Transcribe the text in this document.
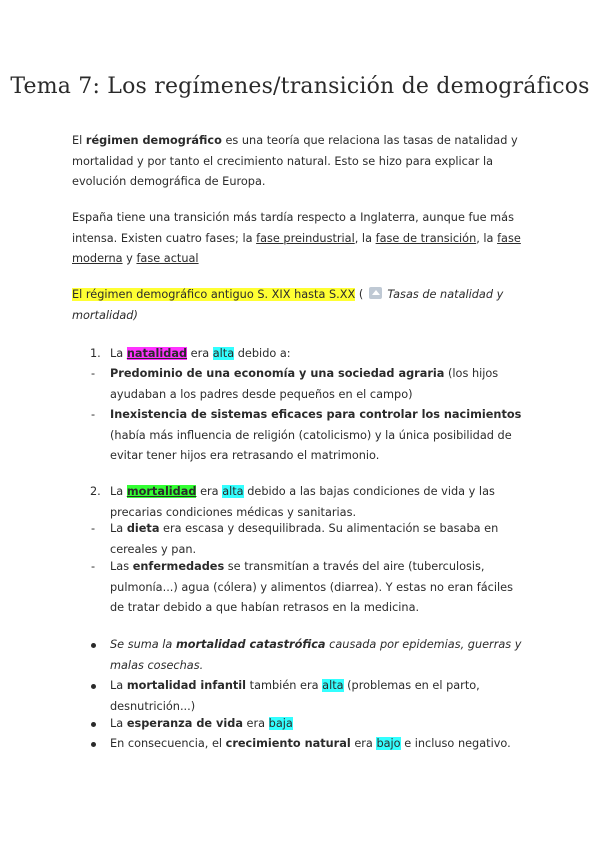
Tema 7: Los regímenes/transición de demográficos
El régimen demográfico es una teoría que relaciona las tasas de natalidad y mortalidad y por tanto el crecimiento natural. Esto se hizo para explicar la evolución demográfica de Europa.
España tiene una transición más tardía respecto a Inglaterra, aunque fue más intensa. Existen cuatro fases; la fase preindustrial, la fase de transición, la fase moderna y fase actual
El régimen demográfico antiguo S. XIX hasta S.XX (  Tasas de natalidad y mortalidad)
1. La natalidad era alta debido a:
- Predominio de una economía y una sociedad agraria (los hijos ayudaban a los padres desde pequeños en el campo)
- Inexistencia de sistemas eficaces para controlar los nacimientos (había más influencia de religión (catolicismo) y la única posibilidad de evitar tener hijos era retrasando el matrimonio.
2. La mortalidad era alta debido a las bajas condiciones de vida y las precarias condiciones médicas y sanitarias.
- La dieta era escasa y desequilibrada. Su alimentación se basaba en cereales y pan.
- Las enfermedades se transmitían a través del aire (tuberculosis, pulmonía...) agua (cólera) y alimentos (diarrea). Y estas no eran fáciles de tratar debido a que habían retrasos en la medicina.
Se suma la mortalidad catastrófica causada por epidemias, guerras y malas cosechas.
La mortalidad infantil también era alta (problemas en el parto, desnutrición...)
La esperanza de vida era baja
En consecuencia, el crecimiento natural era bajo e incluso negativo.
